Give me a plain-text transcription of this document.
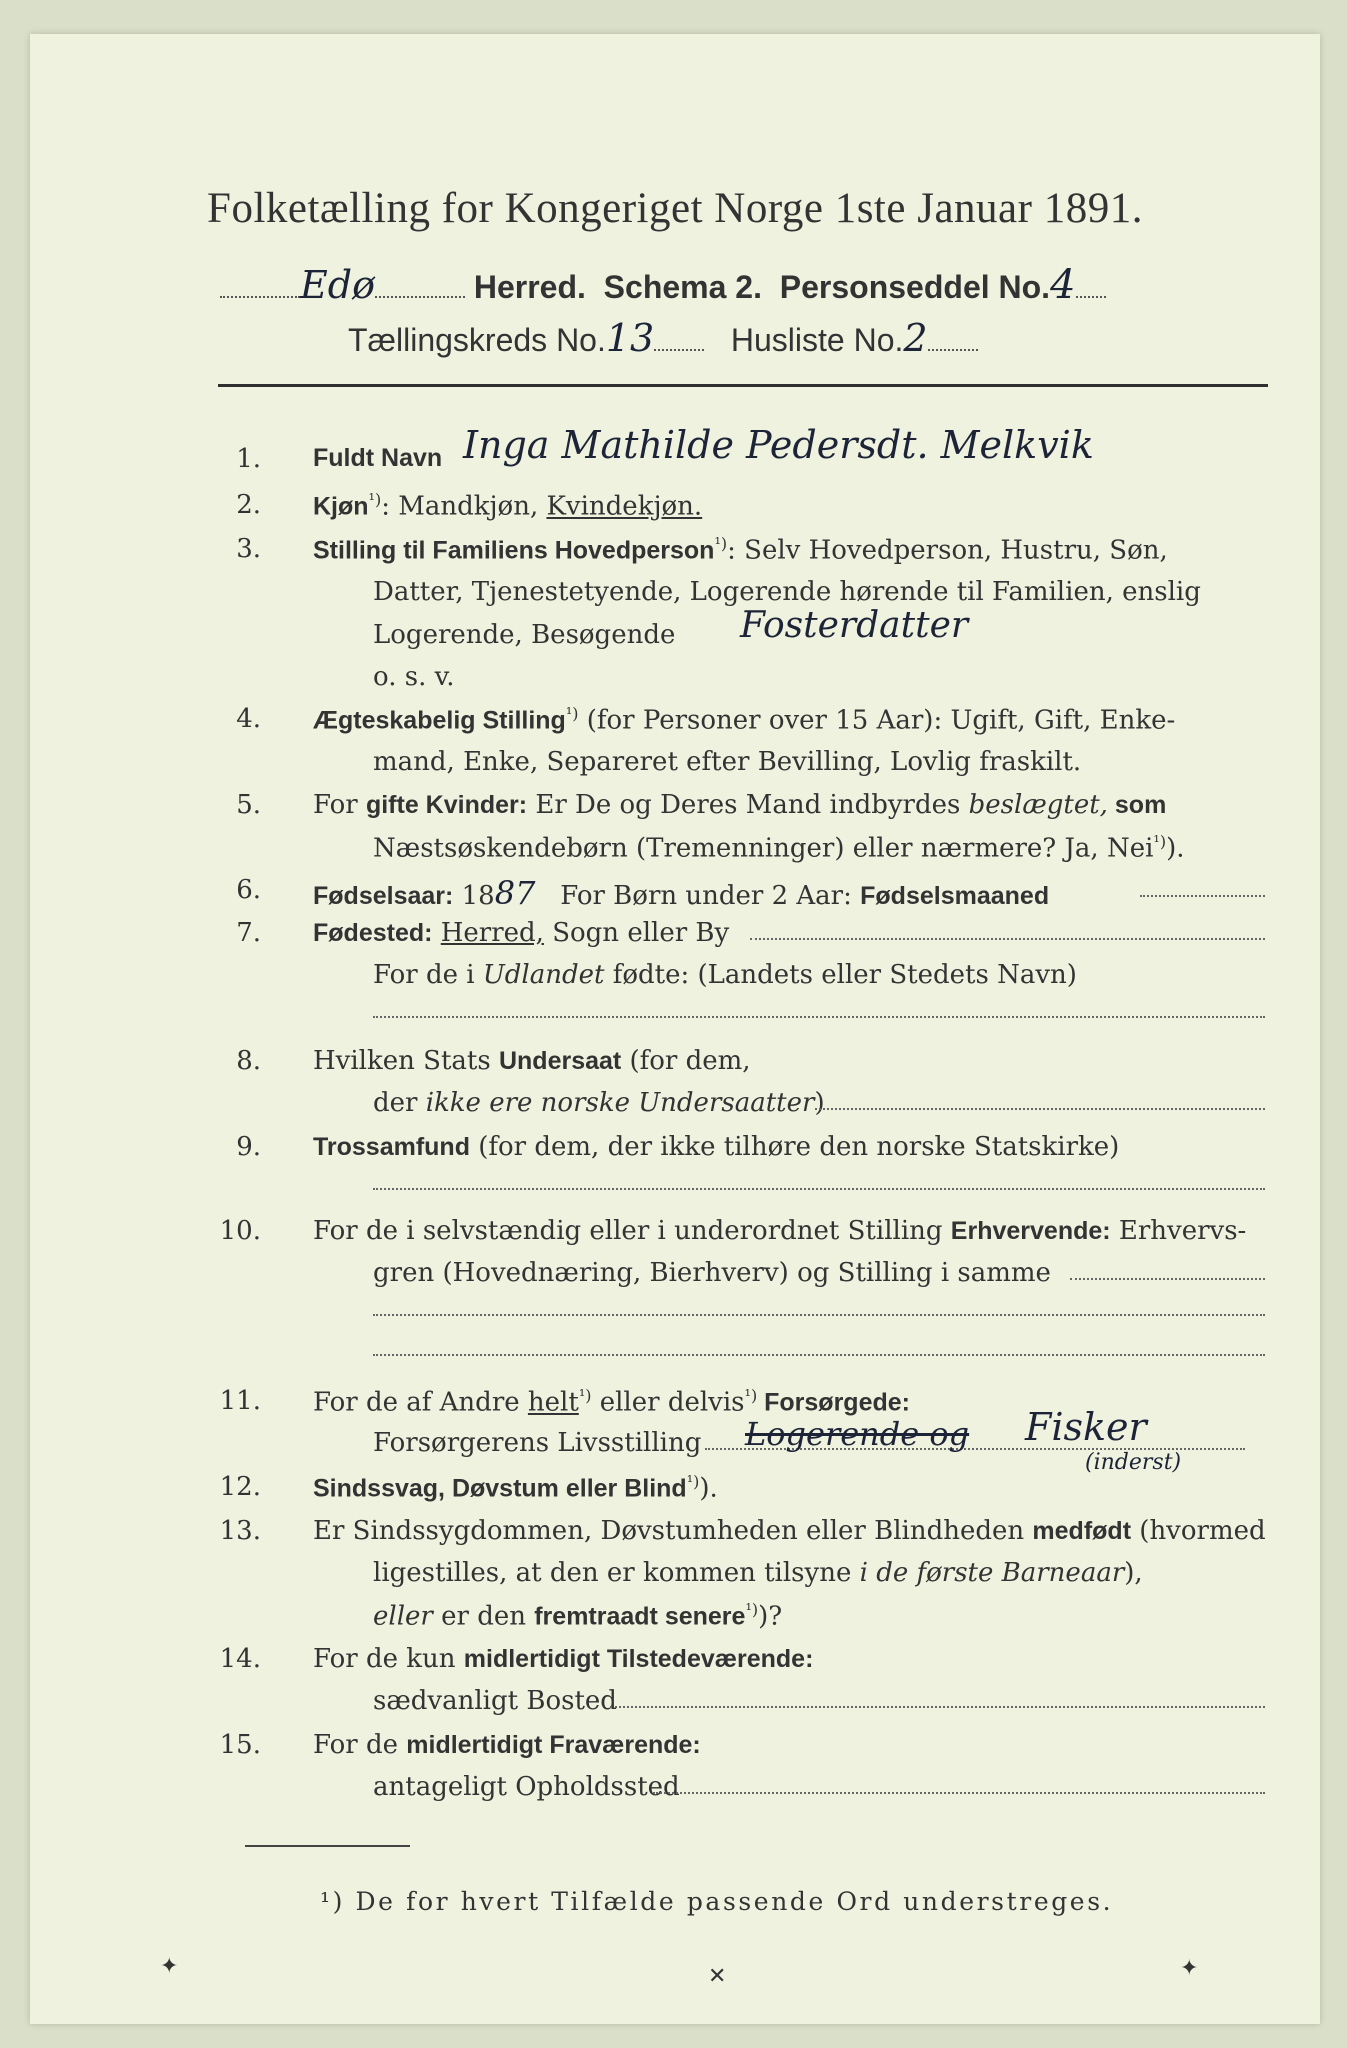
Folketælling for Kongeriget Norge 1ste Januar 1891.
Edø	Herred. Schema 2. Personseddel No.4
Tællingskreds No.13 Husliste No.2
1. Fuldt Navn Inga Mathilde Pedersdt. Melkvik
2. Kjøn$^{^1)}$: Mandkjøn, Kvindekjøn.
3. Stilling til Familiens Hovedperson$^{^1)}$: Selv Hovedperson, Hustru, Søn,
Datter, Tjenestetyende, Logerende hørende til Familien, enslig
Logerende, Besøgende Fosterdatter
o. s. v.
4. Ægteskabelig Stilling$^{^1)}$ (for Personer over 15 Aar): Ugift, Gift, Enke-
mand, Enke, Separeret efter Bevilling, Lovlig fraskilt.
5. For gifte Kvinder: Er De og Deres Mand indbyrdes beslægtet, som
Næstsøskendebørn (Tremenninger) eller nærmere? Ja, Nei$^{^1)}$).
6. Fødselsaar: 1887 For Børn under 2 Aar: Fødselsmaaned
7. Fødested: Herred, Sogn eller By
For de i Udlandet fødte: (Landets eller Stedets Navn)
8. Hvilken Stats Undersaat (for dem,
der ikke ere norske Undersaatter)
9. Trossamfund (for dem, der ikke tilhøre den norske Statskirke)
10. For de i selvstændig eller i underordnet Stilling Erhvervende: Erhvervs-
gren (Hovednæring, Bierhverv) og Stilling i samme
11. For de af Andre helt$^{^1)}$ eller delvis$^{^1)}$ Forsørgede:
Forsørgerens Livsstilling Logerende og Fisker
(inderst)
12. Sindssvag, Døvstum eller Blind$^{^1)}$).
13. Er Sindssygdommen, Døvstumheden eller Blindheden medfødt (hvormed
ligestilles, at den er kommen tilsyne i de første Barneaar),
eller er den fremtraadt senere$^{^1)}$)?
14. For de kun midlertidigt Tilstedeværende:
sædvanligt Bosted
15. For de midlertidigt Fraværende:
antageligt Opholdssted
¹) De for hvert Tilfælde passende Ord understreges.
✦	✕	✦
